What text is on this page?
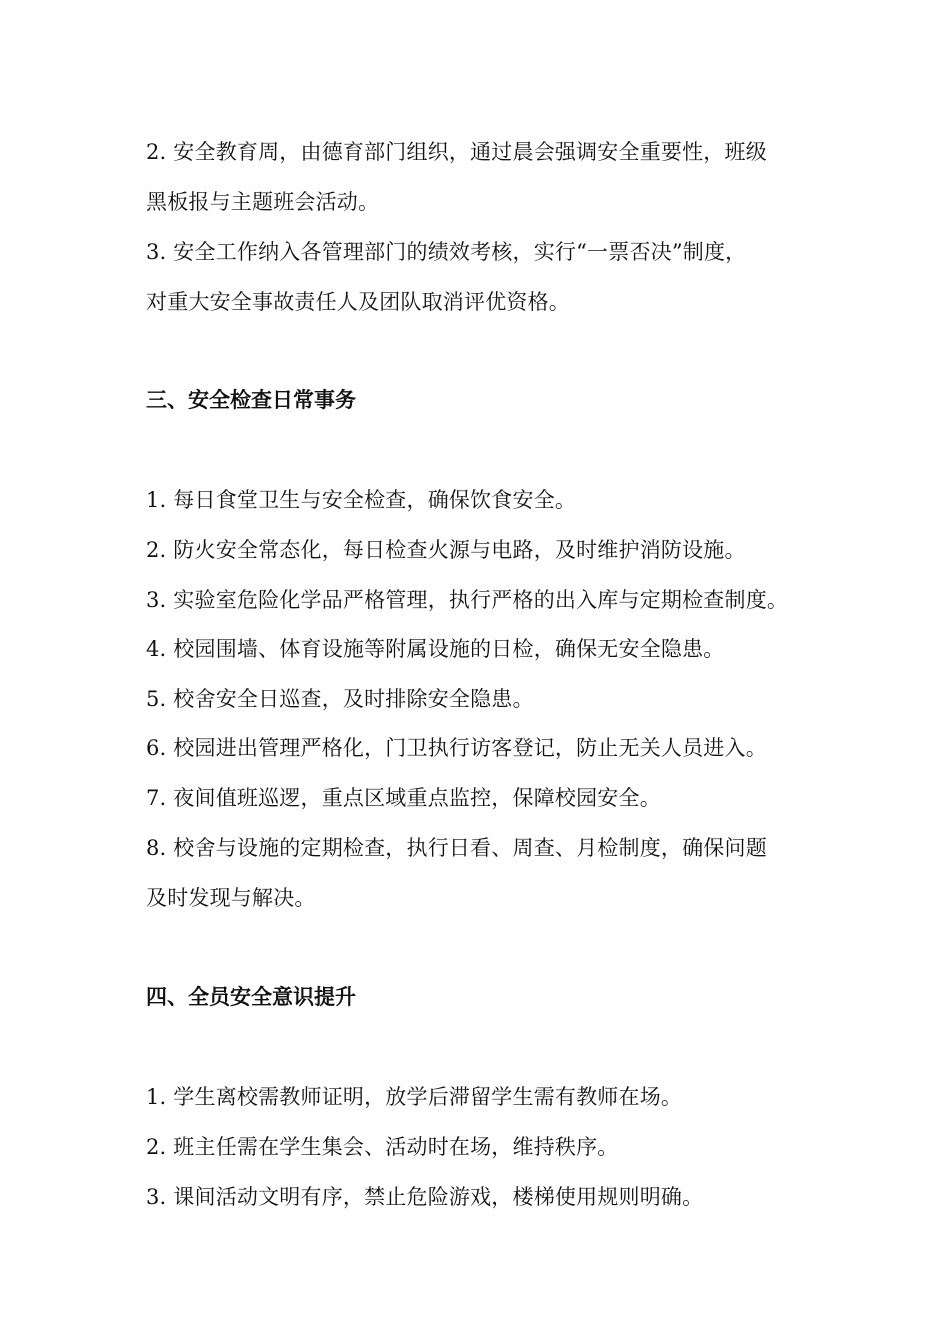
2. 安全教育周，由德育部门组织，通过晨会强调安全重要性，班级
黑板报与主题班会活动。
3. 安全工作纳入各管理部门的绩效考核，实行“一票否决”制度，
对重大安全事故责任人及团队取消评优资格。
三、安全检查日常事务
1. 每日食堂卫生与安全检查，确保饮食安全。
2. 防火安全常态化，每日检查火源与电路，及时维护消防设施。
3. 实验室危险化学品严格管理，执行严格的出入库与定期检查制度。
4. 校园围墙、体育设施等附属设施的日检，确保无安全隐患。
5. 校舍安全日巡查，及时排除安全隐患。
6. 校园进出管理严格化，门卫执行访客登记，防止无关人员进入。
7. 夜间值班巡逻，重点区域重点监控，保障校园安全。
8. 校舍与设施的定期检查，执行日看、周查、月检制度，确保问题
及时发现与解决。
四、全员安全意识提升
1. 学生离校需教师证明，放学后滞留学生需有教师在场。
2. 班主任需在学生集会、活动时在场，维持秩序。
3. 课间活动文明有序，禁止危险游戏，楼梯使用规则明确。
